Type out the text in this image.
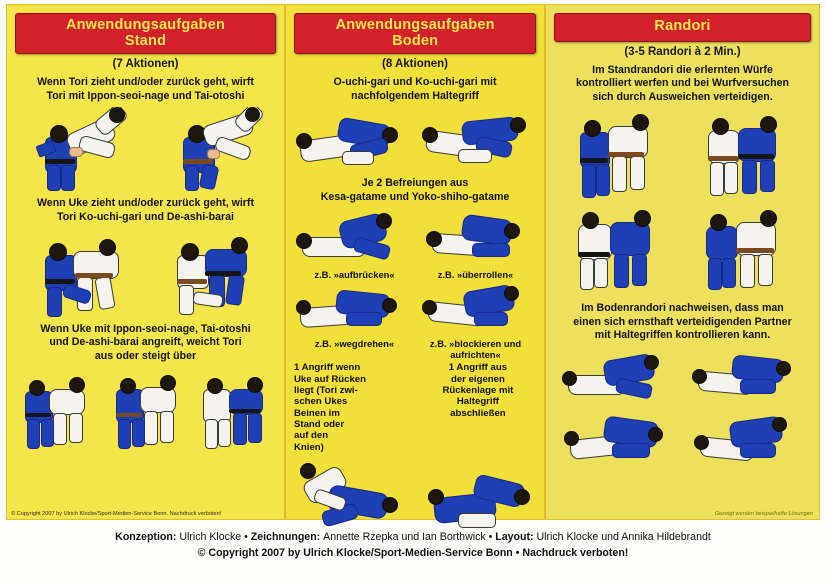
Anwendungsaufgaben
Stand
(7 Aktionen)
Wenn Tori zieht und/oder zurück geht, wirft
Tori mit Ippon-seoi-nage und Tai-otoshi
Wenn Uke zieht und/oder zurück geht, wirft
Tori Ko-uchi-gari und De-ashi-barai
Wenn Uke mit Ippon-seoi-nage, Tai-otoshi
und De-ashi-barai angreift, weicht Tori
aus oder steigt über
© Copyright 2007 by Ulrich Klocke/Sport-Medien-Service Bonn. Nachdruck verboten!
Anwendungsaufgaben
Boden
(8 Aktionen)
O-uchi-gari und Ko-uchi-gari mit
nachfolgendem Haltegriff
Je 2 Befreiungen aus
Kesa-gatame und Yoko-shiho-gatame
z.B. »aufbrücken«	z.B. »überrollen«
z.B. »wegdrehen«	z.B. »blockieren und aufrichten«
1 Angriff wenn
Uke auf Rücken
liegt (Tori zwi-
schen Ukes
Beinen im
Stand oder
auf den
Knien)
1 Angriff aus
der eigenen
Rückenlage mit
Haltegriff
abschließen
Randori
(3-5 Randori à 2 Min.)
Im Standrandori die erlernten Würfe
kontrolliert werfen und bei Wurfversuchen
sich durch Ausweichen verteidigen.
Im Bodenrandori nachweisen, dass man
einen sich ernsthaft verteidigenden Partner
mit Haltegriffen kontrollieren kann.
Gezeigt werden beispielhafte Lösungen
Konzeption: Ulrich Klocke • Zeichnungen: Annette Rzepka und Ian Borthwick • Layout: Ulrich Klocke und Annika Hildebrandt
© Copyright 2007 by Ulrich Klocke/Sport-Medien-Service Bonn • Nachdruck verboten!
